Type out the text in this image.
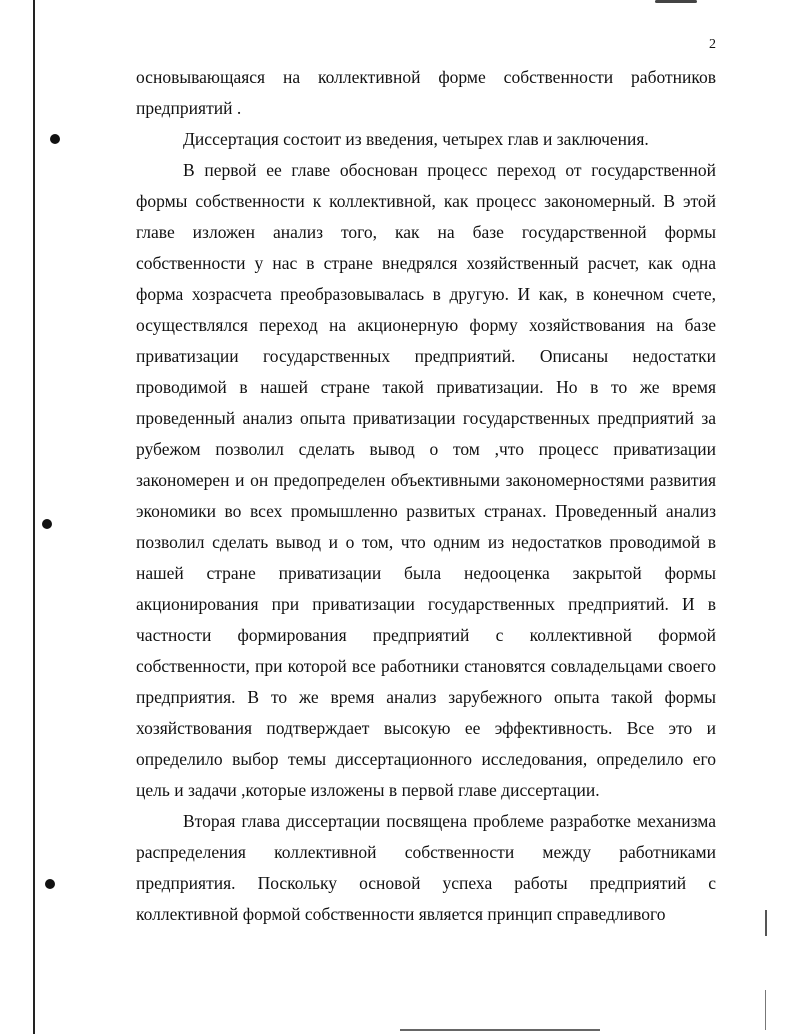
2

основывающаяся на коллективной форме собственности работников предприятий .

Диссертация состоит из введения, четырех глав и заключения.

В первой ее главе обоснован процесс переход от государственной формы собственности к коллективной, как процесс закономерный. В этой главе изложен анализ того, как на базе государственной формы собственности у нас в стране внедрялся хозяйственный расчет, как одна форма хозрасчета преобразовывалась в другую. И как, в конечном счете, осуществлялся переход на акционерную форму хозяйствования на базе приватизации государственных предприятий. Описаны недостатки проводимой в нашей стране такой приватизации. Но в то же время проведенный анализ опыта приватизации государственных предприятий за рубежом позволил сделать вывод о том ,что процесс приватизации закономерен и он предопределен объективными закономерностями развития экономики во всех промышленно развитых странах. Проведенный анализ позволил сделать вывод и о том, что одним из недостатков проводимой в нашей стране приватизации была недооценка закрытой формы акционирования при приватизации государственных предприятий. И в частности формирования предприятий с коллективной формой собственности, при которой все работники становятся совладельцами своего предприятия. В то же время анализ зарубежного опыта такой формы хозяйствования подтверждает высокую ее эффективность. Все это и определило выбор темы диссертационного исследования, определило его цель и задачи ,которые изложены в первой главе диссертации.

Вторая глава диссертации посвящена проблеме разработке механизма распределения коллективной собственности между работниками предприятия. Поскольку основой успеха работы предприятий с коллективной формой собственности является принцип справедливого
